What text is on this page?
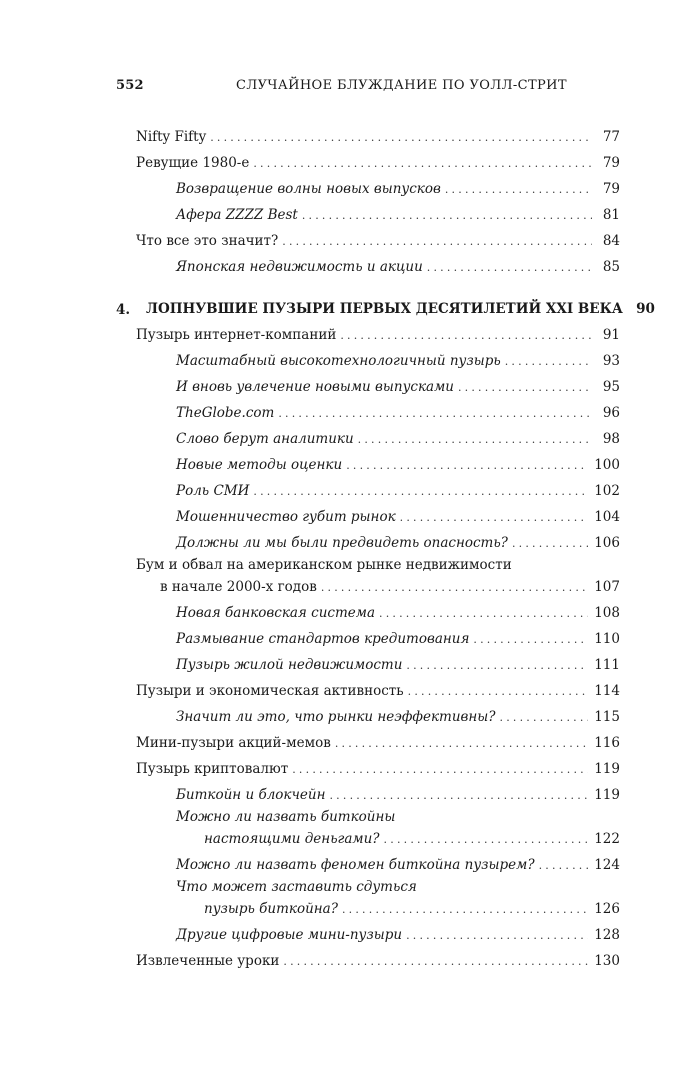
552	СЛУЧАЙНОЕ БЛУЖДАНИЕ ПО УОЛЛ-СТРИТ
Nifty Fifty .....	77
Ревущие 1980-е .....	79
Возвращение волны новых выпусков .....	79
Афера ZZZZ Best .....	81
Что все это значит? .....	84
Японская недвижимость и акции .....	85
4. ЛОПНУВШИЕ ПУЗЫРИ ПЕРВЫХ ДЕСЯТИЛЕТИЙ XXI ВЕКА 90
Пузырь интернет-компаний .....	91
Масштабный высокотехнологичный пузырь .....	93
И вновь увлечение новыми выпусками .....	95
TheGlobe.com .....	96
Слово берут аналитики .....	98
Новые методы оценки .....	100
Роль СМИ .....	102
Мошенничество губит рынок .....	104
Должны ли мы были предвидеть опасность? .....	106
Бум и обвал на американском рынке недвижимости
в начале 2000-х годов .....	107
Новая банковская система .....	108
Размывание стандартов кредитования .....	110
Пузырь жилой недвижимости .....	111
Пузыри и экономическая активность .....	114
Значит ли это, что рынки неэффективны? .....	115
Мини-пузыри акций-мемов .....	116
Пузырь криптовалют .....	119
Биткойн и блокчейн .....	119
Можно ли назвать биткойны
настоящими деньгами? .....	122
Можно ли назвать феномен биткойна пузырем? .....	124
Что может заставить сдуться
пузырь биткойна? .....	126
Другие цифровые мини-пузыри .....	128
Извлеченные уроки .....	130
